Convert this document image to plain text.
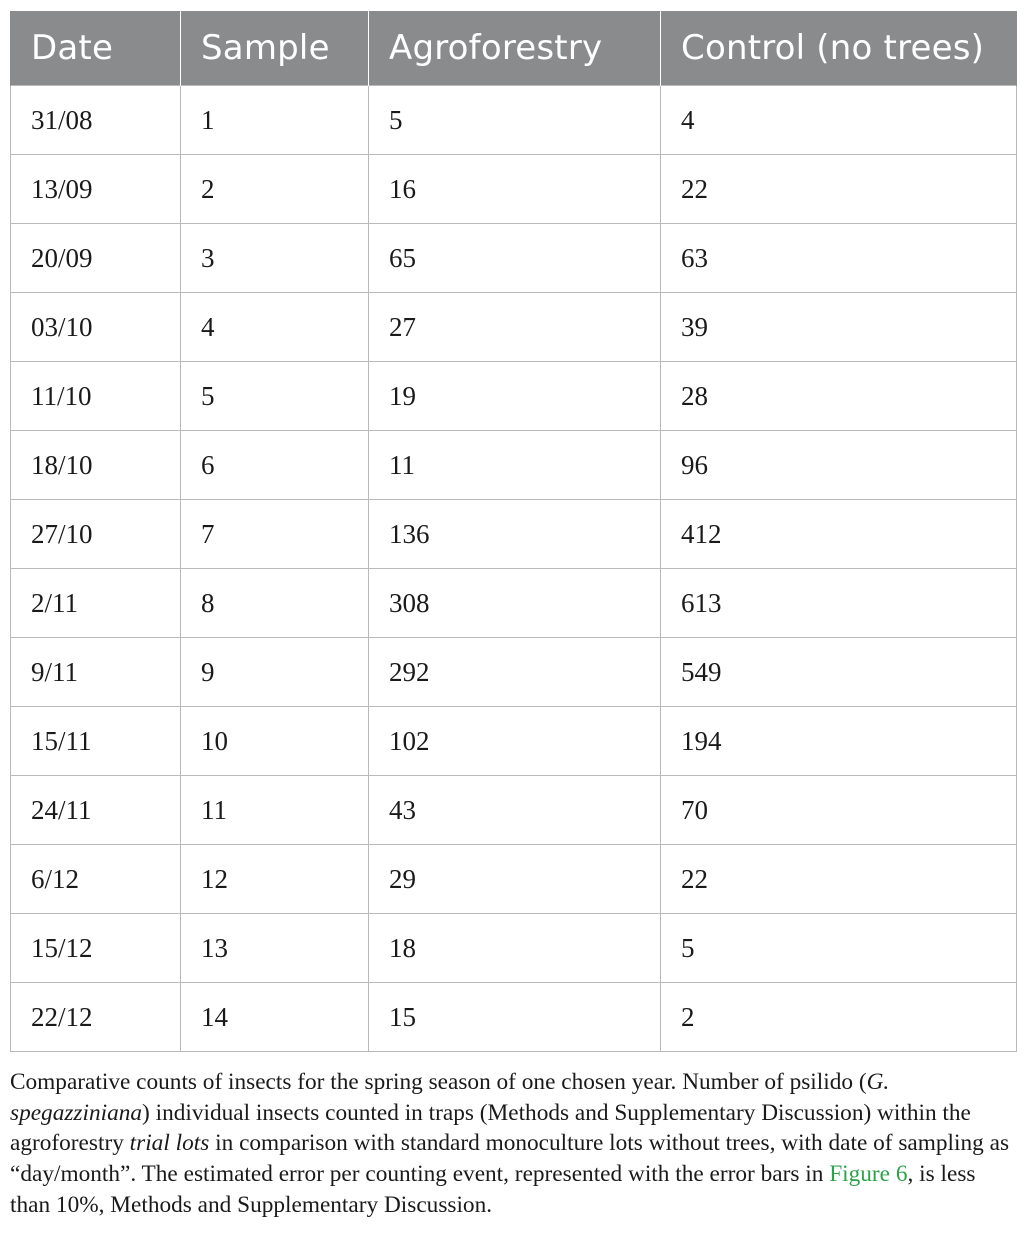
Date	Sample	Agroforestry	Control (no trees)
31/08	1	5	4
13/09	2	16	22
20/09	3	65	63
03/10	4	27	39
11/10	5	19	28
18/10	6	11	96
27/10	7	136	412
2/11	8	308	613
9/11	9	292	549
15/11	10	102	194
24/11	11	43	70
6/12	12	29	22
15/12	13	18	5
22/12	14	15	2

Comparative counts of insects for the spring season of one chosen year. Number of psilido (G. spegazziniana) individual insects counted in traps (Methods and Supplementary Discussion) within the agroforestry trial lots in comparison with standard monoculture lots without trees, with date of sampling as “day/month”. The estimated error per counting event, represented with the error bars in Figure 6, is less than 10%, Methods and Supplementary Discussion.
